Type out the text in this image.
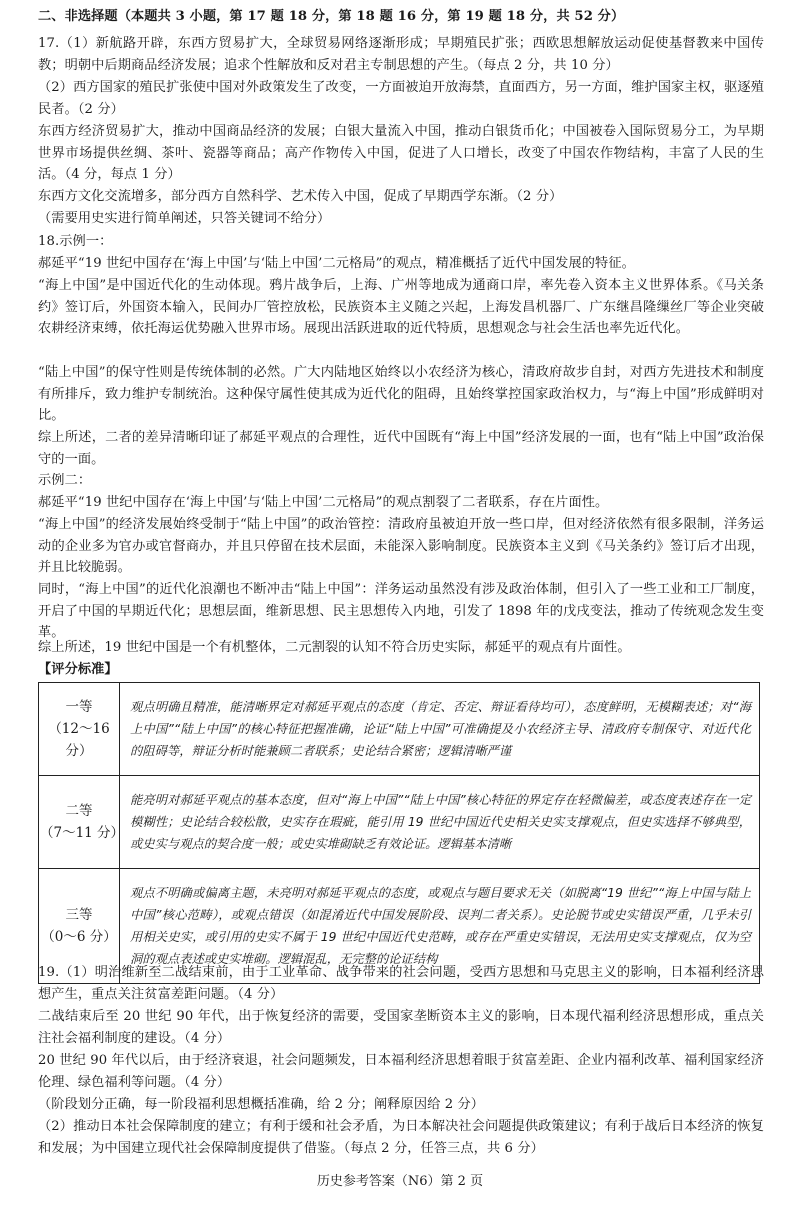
二、非选择题（本题共 3 小题，第 17 题 18 分，第 18 题 16 分，第 19 题 18 分，共 52 分）

17.（1）新航路开辟，东西方贸易扩大，全球贸易网络逐渐形成；早期殖民扩张；西欧思想解放运动促使基督教来中国传教；明朝中后期商品经济发展；追求个性解放和反对君主专制思想的产生。（每点 2 分，共 10 分）

（2）西方国家的殖民扩张使中国对外政策发生了改变，一方面被迫开放海禁，直面西方，另一方面，维护国家主权，驱逐殖民者。（2 分）

东西方经济贸易扩大，推动中国商品经济的发展；白银大量流入中国，推动白银货币化；中国被卷入国际贸易分工，为早期世界市场提供丝绸、茶叶、瓷器等商品；高产作物传入中国，促进了人口增长，改变了中国农作物结构，丰富了人民的生活。（4 分，每点 1 分）

东西方文化交流增多，部分西方自然科学、艺术传入中国，促成了早期西学东渐。（2 分）

（需要用史实进行简单阐述，只答关键词不给分）

18.示例一：

郝延平“19 世纪中国存在‘海上中国’与‘陆上中国’二元格局”的观点，精准概括了近代中国发展的特征。

“海上中国”是中国近代化的生动体现。鸦片战争后，上海、广州等地成为通商口岸，率先卷入资本主义世界体系。《马关条约》签订后，外国资本输入，民间办厂管控放松，民族资本主义随之兴起，上海发昌机器厂、广东继昌隆缫丝厂等企业突破农耕经济束缚，依托海运优势融入世界市场。展现出活跃进取的近代特质，思想观念与社会生活也率先近代化。

“陆上中国”的保守性则是传统体制的必然。广大内陆地区始终以小农经济为核心，清政府故步自封，对西方先进技术和制度有所排斥，致力维护专制统治。这种保守属性使其成为近代化的阻碍，且始终掌控国家政治权力，与“海上中国”形成鲜明对比。

综上所述，二者的差异清晰印证了郝延平观点的合理性，近代中国既有“海上中国”经济发展的一面，也有“陆上中国”政治保守的一面。

示例二：

郝延平“19 世纪中国存在‘海上中国’与‘陆上中国’二元格局”的观点割裂了二者联系，存在片面性。

“海上中国”的经济发展始终受制于“陆上中国”的政治管控：清政府虽被迫开放一些口岸，但对经济依然有很多限制，洋务运动的企业多为官办或官督商办，并且只停留在技术层面，未能深入影响制度。民族资本主义到《马关条约》签订后才出现，并且比较脆弱。

同时，“海上中国”的近代化浪潮也不断冲击“陆上中国”：洋务运动虽然没有涉及政治体制，但引入了一些工业和工厂制度，开启了中国的早期近代化；思想层面，维新思想、民主思想传入内地，引发了 1898 年的戊戌变法，推动了传统观念发生变革。

综上所述，19 世纪中国是一个有机整体，二元割裂的认知不符合历史实际，郝延平的观点有片面性。

【评分标准】

一等
（12～16 分）	观点明确且精准，能清晰界定对郝延平观点的态度（肯定、否定、辩证看待均可），态度鲜明，无模糊表述；对“海上中国”“陆上中国”的核心特征把握准确，论证“陆上中国”可准确提及小农经济主导、清政府专制保守、对近代化的阻碍等，辩证分析时能兼顾二者联系；史论结合紧密；逻辑清晰严谨

二等
（7～11 分）	能亮明对郝延平观点的基本态度，但对“海上中国”“陆上中国”核心特征的界定存在轻微偏差，或态度表述存在一定模糊性；史论结合较松散，史实存在瑕疵，能引用 19 世纪中国近代史相关史实支撑观点，但史实选择不够典型，或史实与观点的契合度一般；或史实堆砌缺乏有效论证。逻辑基本清晰

三等
（0～6 分）	观点不明确或偏离主题，未亮明对郝延平观点的态度，或观点与题目要求无关（如脱离“19 世纪”“海上中国与陆上中国”核心范畴），或观点错误（如混淆近代中国发展阶段、误判二者关系）。史论脱节或史实错误严重，几乎未引用相关史实，或引用的史实不属于 19 世纪中国近代史范畴，或存在严重史实错误，无法用史实支撑观点，仅为空洞的观点表述或史实堆砌。逻辑混乱，无完整的论证结构

19.（1）明治维新至二战结束前，由于工业革命、战争带来的社会问题，受西方思想和马克思主义的影响，日本福利经济思想产生，重点关注贫富差距问题。（4 分）

二战结束后至 20 世纪 90 年代，出于恢复经济的需要，受国家垄断资本主义的影响，日本现代福利经济思想形成，重点关注社会福利制度的建设。（4 分）

20 世纪 90 年代以后，由于经济衰退，社会问题频发，日本福利经济思想着眼于贫富差距、企业内福利改革、福利国家经济伦理、绿色福利等问题。（4 分）

（阶段划分正确，每一阶段福利思想概括准确，给 2 分；阐释原因给 2 分）

（2）推动日本社会保障制度的建立；有利于缓和社会矛盾，为日本解决社会问题提供政策建议；有利于战后日本经济的恢复和发展；为中国建立现代社会保障制度提供了借鉴。（每点 2 分，任答三点，共 6 分）

历史参考答案（N6）第 2 页
